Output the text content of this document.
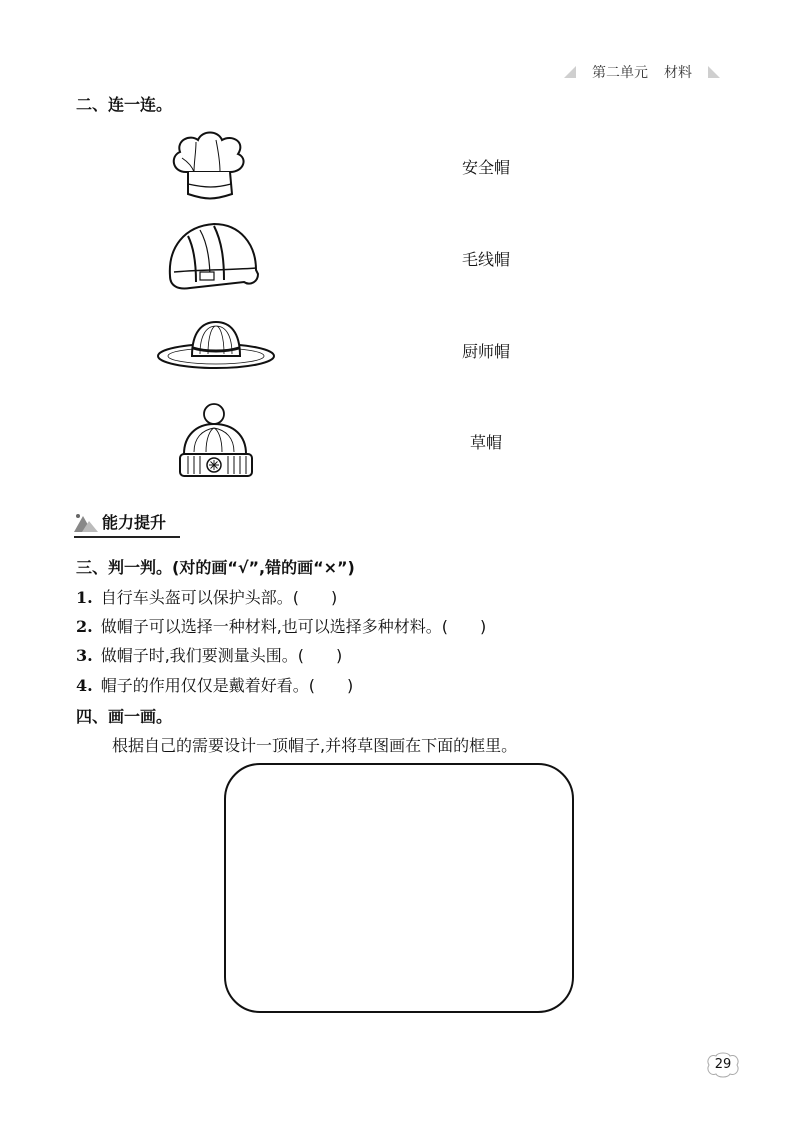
第二单元 材料
二、连一连。
安全帽
毛线帽
厨师帽
草帽
能力提升
三、判一判。(对的画“√”,错的画“×”)
1. 自行车头盔可以保护头部。(　　)
2. 做帽子可以选择一种材料,也可以选择多种材料。(　　)
3. 做帽子时,我们要测量头围。(　　)
4. 帽子的作用仅仅是戴着好看。(　　)
四、画一画。
根据自己的需要设计一顶帽子,并将草图画在下面的框里。
29
